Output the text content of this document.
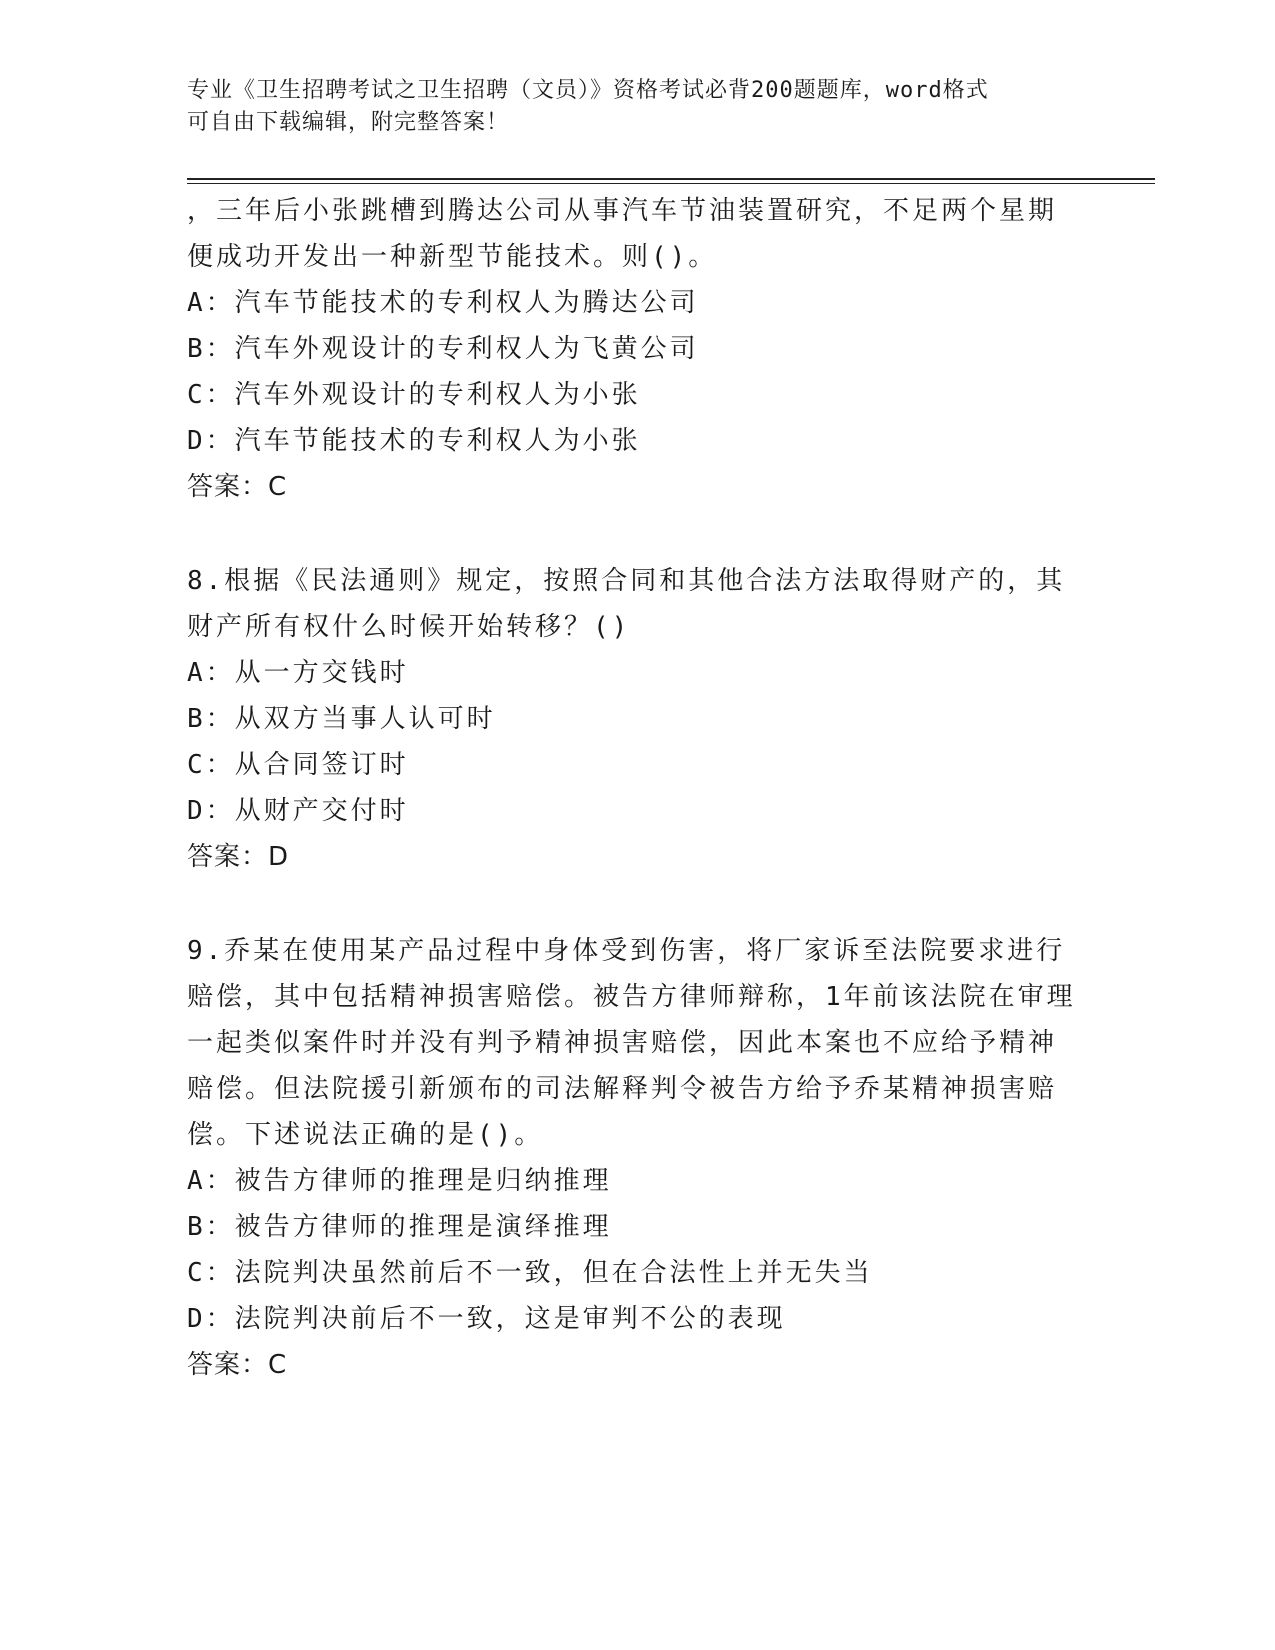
专业《卫生招聘考试之卫生招聘（文员）》资格考试必背200题题库，word格式
可自由下载编辑，附完整答案！
，三年后小张跳槽到腾达公司从事汽车节油装置研究，不足两个星期
便成功开发出一种新型节能技术。则()。
A：汽车节能技术的专利权人为腾达公司
B：汽车外观设计的专利权人为飞黄公司
C：汽车外观设计的专利权人为小张
D：汽车节能技术的专利权人为小张
答案：C
8.根据《民法通则》规定，按照合同和其他合法方法取得财产的，其
财产所有权什么时候开始转移？()
A：从一方交钱时
B：从双方当事人认可时
C：从合同签订时
D：从财产交付时
答案：D
9.乔某在使用某产品过程中身体受到伤害，将厂家诉至法院要求进行
赔偿，其中包括精神损害赔偿。被告方律师辩称，1年前该法院在审理
一起类似案件时并没有判予精神损害赔偿，因此本案也不应给予精神
赔偿。但法院援引新颁布的司法解释判令被告方给予乔某精神损害赔
偿。下述说法正确的是()。
A：被告方律师的推理是归纳推理
B：被告方律师的推理是演绎推理
C：法院判决虽然前后不一致，但在合法性上并无失当
D：法院判决前后不一致，这是审判不公的表现
答案：C
